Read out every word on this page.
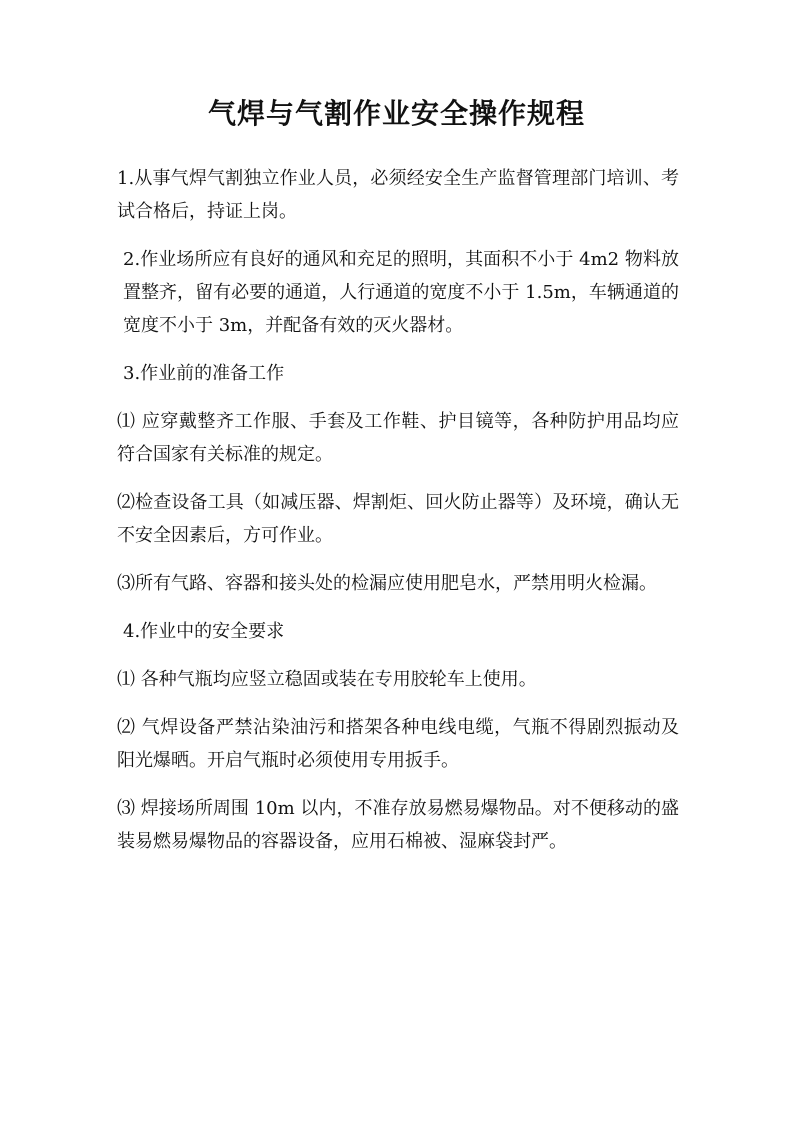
气焊与气割作业安全操作规程

1.从事气焊气割独立作业人员，必须经安全生产监督管理部门培训、考试合格后，持证上岗。

2.作业场所应有良好的通风和充足的照明，其面积不小于 4m2 物料放置整齐，留有必要的通道，人行通道的宽度不小于 1.5m，车辆通道的宽度不小于 3m，并配备有效的灭火器材。

3.作业前的准备工作

⑴ 应穿戴整齐工作服、手套及工作鞋、护目镜等，各种防护用品均应符合国家有关标准的规定。

⑵检查设备工具（如减压器、焊割炬、回火防止器等）及环境，确认无不安全因素后，方可作业。

⑶所有气路、容器和接头处的检漏应使用肥皂水，严禁用明火检漏。

4.作业中的安全要求

⑴ 各种气瓶均应竖立稳固或装在专用胶轮车上使用。

⑵ 气焊设备严禁沾染油污和搭架各种电线电缆，气瓶不得剧烈振动及阳光爆晒。开启气瓶时必须使用专用扳手。

⑶ 焊接场所周围 10m 以内，不准存放易燃易爆物品。对不便移动的盛装易燃易爆物品的容器设备，应用石棉被、湿麻袋封严。
